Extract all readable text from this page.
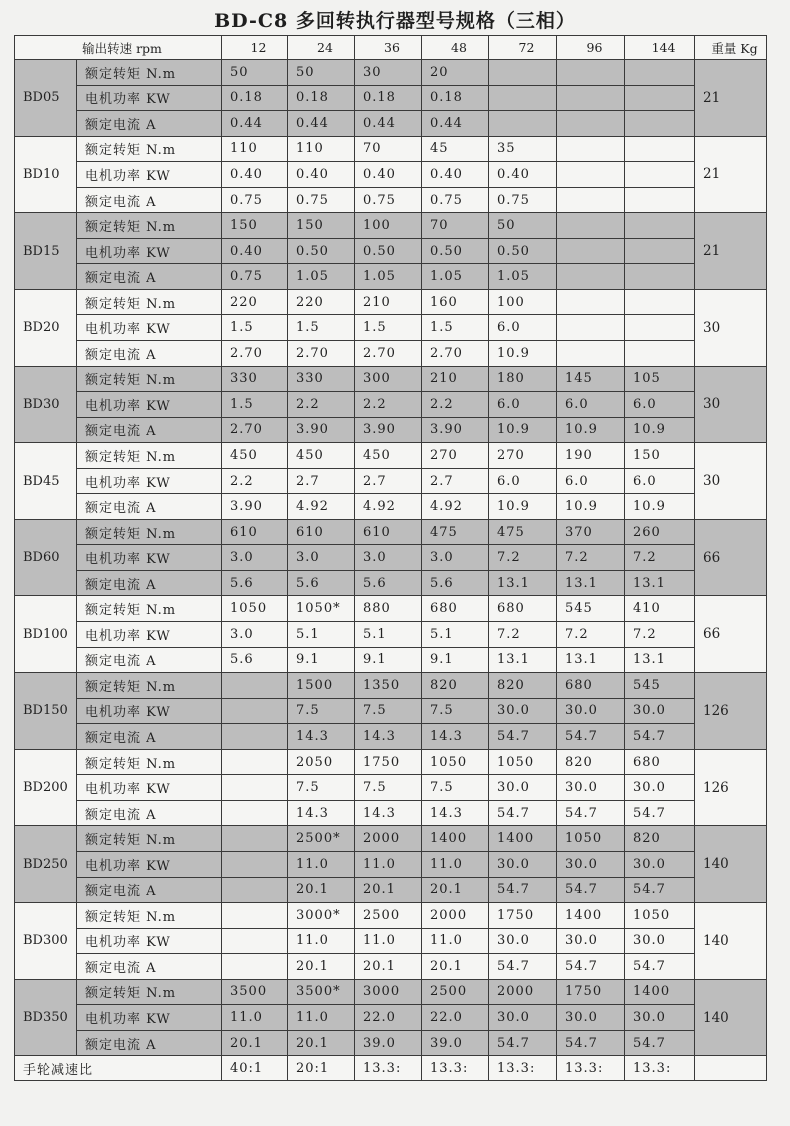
BD-C8 多回转执行器型号规格（三相）
输出转速 rpm		12	24	36	48	72	96	144	重量 Kg
BD05	额定转矩 N.m	50	50	30	20				21
	电机功率 KW	0.18	0.18	0.18	0.18				
	额定电流 A	0.44	0.44	0.44	0.44				
BD10	额定转矩 N.m	110	110	70	45	35			21
	电机功率 KW	0.40	0.40	0.40	0.40	0.40			
	额定电流 A	0.75	0.75	0.75	0.75	0.75			
BD15	额定转矩 N.m	150	150	100	70	50			21
	电机功率 KW	0.40	0.50	0.50	0.50	0.50			
	额定电流 A	0.75	1.05	1.05	1.05	1.05			
BD20	额定转矩 N.m	220	220	210	160	100			30
	电机功率 KW	1.5	1.5	1.5	1.5	6.0			
	额定电流 A	2.70	2.70	2.70	2.70	10.9			
BD30	额定转矩 N.m	330	330	300	210	180	145	105	30
	电机功率 KW	1.5	2.2	2.2	2.2	6.0	6.0	6.0	
	额定电流 A	2.70	3.90	3.90	3.90	10.9	10.9	10.9	
BD45	额定转矩 N.m	450	450	450	270	270	190	150	30
	电机功率 KW	2.2	2.7	2.7	2.7	6.0	6.0	6.0	
	额定电流 A	3.90	4.92	4.92	4.92	10.9	10.9	10.9	
BD60	额定转矩 N.m	610	610	610	475	475	370	260	66
	电机功率 KW	3.0	3.0	3.0	3.0	7.2	7.2	7.2	
	额定电流 A	5.6	5.6	5.6	5.6	13.1	13.1	13.1	
BD100	额定转矩 N.m	1050	1050*	880	680	680	545	410	66
	电机功率 KW	3.0	5.1	5.1	5.1	7.2	7.2	7.2	
	额定电流 A	5.6	9.1	9.1	9.1	13.1	13.1	13.1	
BD150	额定转矩 N.m		1500	1350	820	820	680	545	126
	电机功率 KW		7.5	7.5	7.5	30.0	30.0	30.0	
	额定电流 A		14.3	14.3	14.3	54.7	54.7	54.7	
BD200	额定转矩 N.m		2050	1750	1050	1050	820	680	126
	电机功率 KW		7.5	7.5	7.5	30.0	30.0	30.0	
	额定电流 A		14.3	14.3	14.3	54.7	54.7	54.7	
BD250	额定转矩 N.m		2500*	2000	1400	1400	1050	820	140
	电机功率 KW		11.0	11.0	11.0	30.0	30.0	30.0	
	额定电流 A		20.1	20.1	20.1	54.7	54.7	54.7	
BD300	额定转矩 N.m		3000*	2500	2000	1750	1400	1050	140
	电机功率 KW		11.0	11.0	11.0	30.0	30.0	30.0	
	额定电流 A		20.1	20.1	20.1	54.7	54.7	54.7	
BD350	额定转矩 N.m	3500	3500*	3000	2500	2000	1750	1400	140
	电机功率 KW	11.0	11.0	22.0	22.0	30.0	30.0	30.0	
	额定电流 A	20.1	20.1	39.0	39.0	54.7	54.7	54.7	
手轮减速比		40:1	20:1	13.3:	13.3:	13.3:	13.3:	13.3:	
